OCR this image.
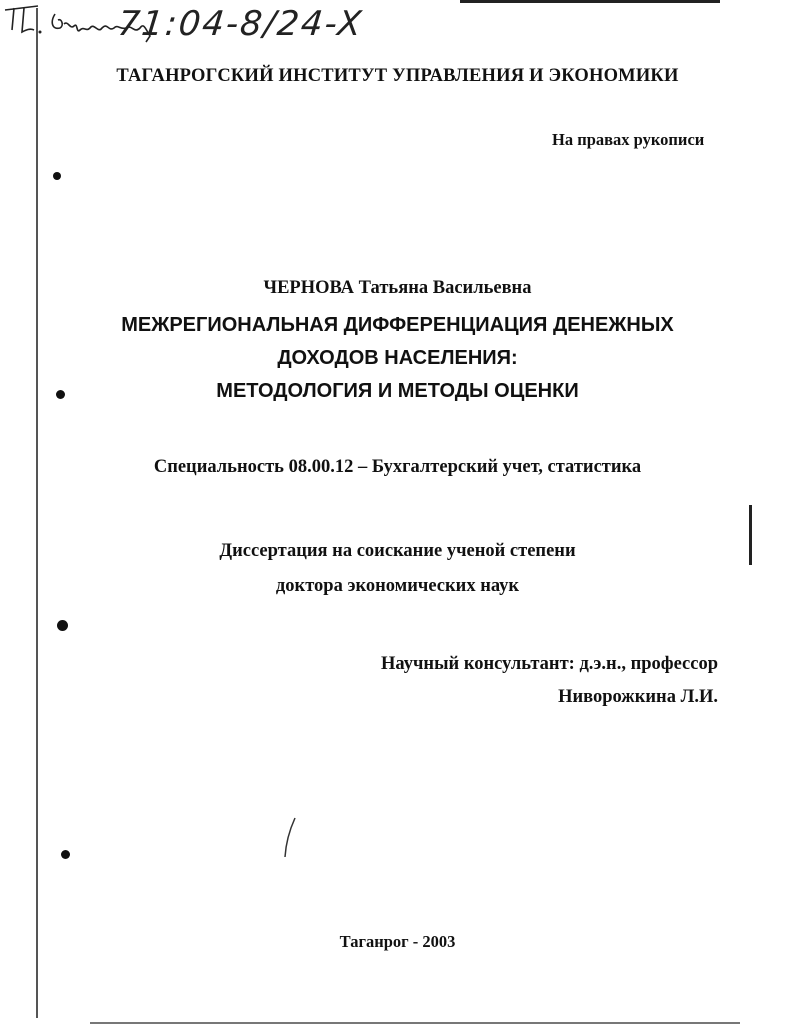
71:04-8/24-X
ТАГАНРОГСКИЙ ИНСТИТУТ УПРАВЛЕНИЯ И ЭКОНОМИКИ
На правах рукописи
ЧЕРНОВА Татьяна Васильевна
МЕЖРЕГИОНАЛЬНАЯ ДИФФЕРЕНЦИАЦИЯ ДЕНЕЖНЫХ
ДОХОДОВ НАСЕЛЕНИЯ:
МЕТОДОЛОГИЯ И МЕТОДЫ ОЦЕНКИ
Специальность 08.00.12 – Бухгалтерский учет, статистика
Диссертация на соискание ученой степени
доктора экономических наук
Научный консультант: д.э.н., профессор
Ниворожкина Л.И.
Таганрог - 2003
